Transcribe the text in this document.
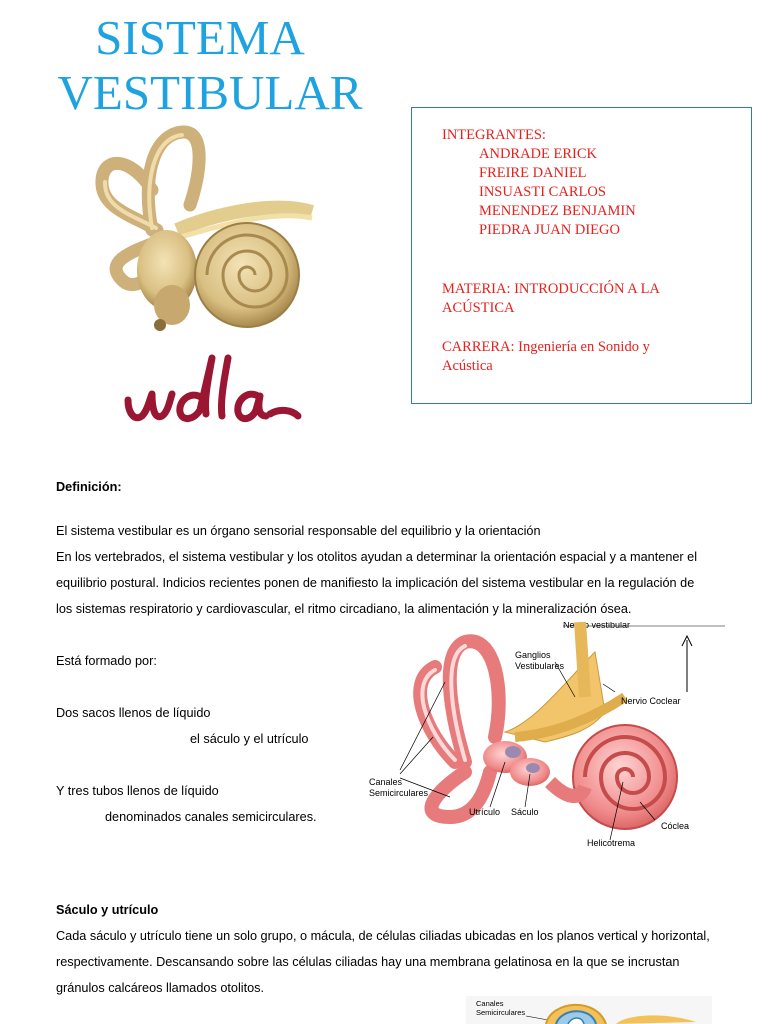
SISTEMA
VESTIBULAR
INTEGRANTES:
ANDRADE ERICK
FREIRE DANIEL
INSUASTI CARLOS
MENENDEZ BENJAMIN
PIEDRA JUAN DIEGO
MATERIA: INTRODUCCIÓN A LA
ACÚSTICA
CARRERA: Ingeniería en Sonido y
Acústica
Definición:
El sistema vestibular es un órgano sensorial responsable del equilibrio y la orientación
En los vertebrados, el sistema vestibular y los otolitos ayudan a determinar la orientación espacial y a mantener el
equilibrio postural. Indicios recientes ponen de manifiesto la implicación del sistema vestibular en la regulación de
los sistemas respiratorio y cardiovascular, el ritmo circadiano, la alimentación y la mineralización ósea.
Está formado por:
Dos sacos llenos de líquido
el sáculo y el utrículo
Y tres tubos llenos de líquido
denominados canales semicirculares.
Nervio vestibular
Ganglios
Vestibulares
Nervio Coclear
Canales
Semicirculares
Utrículo Sáculo
Cóclea
Helicotrema
Sáculo y utrículo
Cada sáculo y utrículo tiene un solo grupo, o mácula, de células ciliadas ubicadas en los planos vertical y horizontal,
respectivamente. Descansando sobre las células ciliadas hay una membrana gelatinosa en la que se incrustan
gránulos calcáreos llamados otolitos.
Canales
Semicirculares
